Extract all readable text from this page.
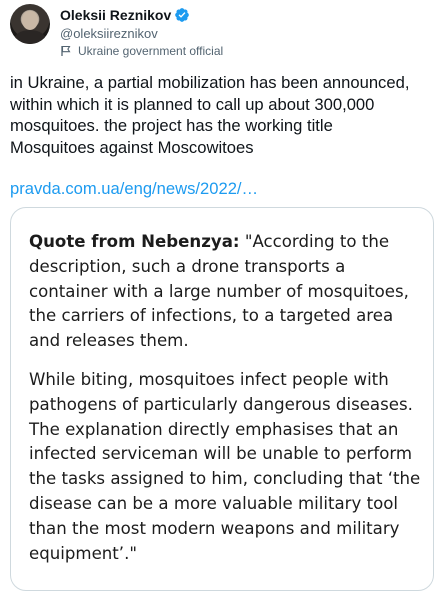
Oleksii Reznikov
@oleksiireznikov
Ukraine government official

in Ukraine, a partial mobilization has been announced,

within which it is planned to call up about 300,000

mosquitoes. the project has the working title

Mosquitoes against Moscowitoes

pravda.com.ua/eng/news/2022/…

Quote from Nebenzya: "According to the

description, such a drone transports a

container with a large number of mosquitoes,

the carriers of infections, to a targeted area

and releases them.

While biting, mosquitoes infect people with

pathogens of particularly dangerous diseases.

The explanation directly emphasises that an

infected serviceman will be unable to perform

the tasks assigned to him, concluding that ‘the

disease can be a more valuable military tool

than the most modern weapons and military

equipment’."
